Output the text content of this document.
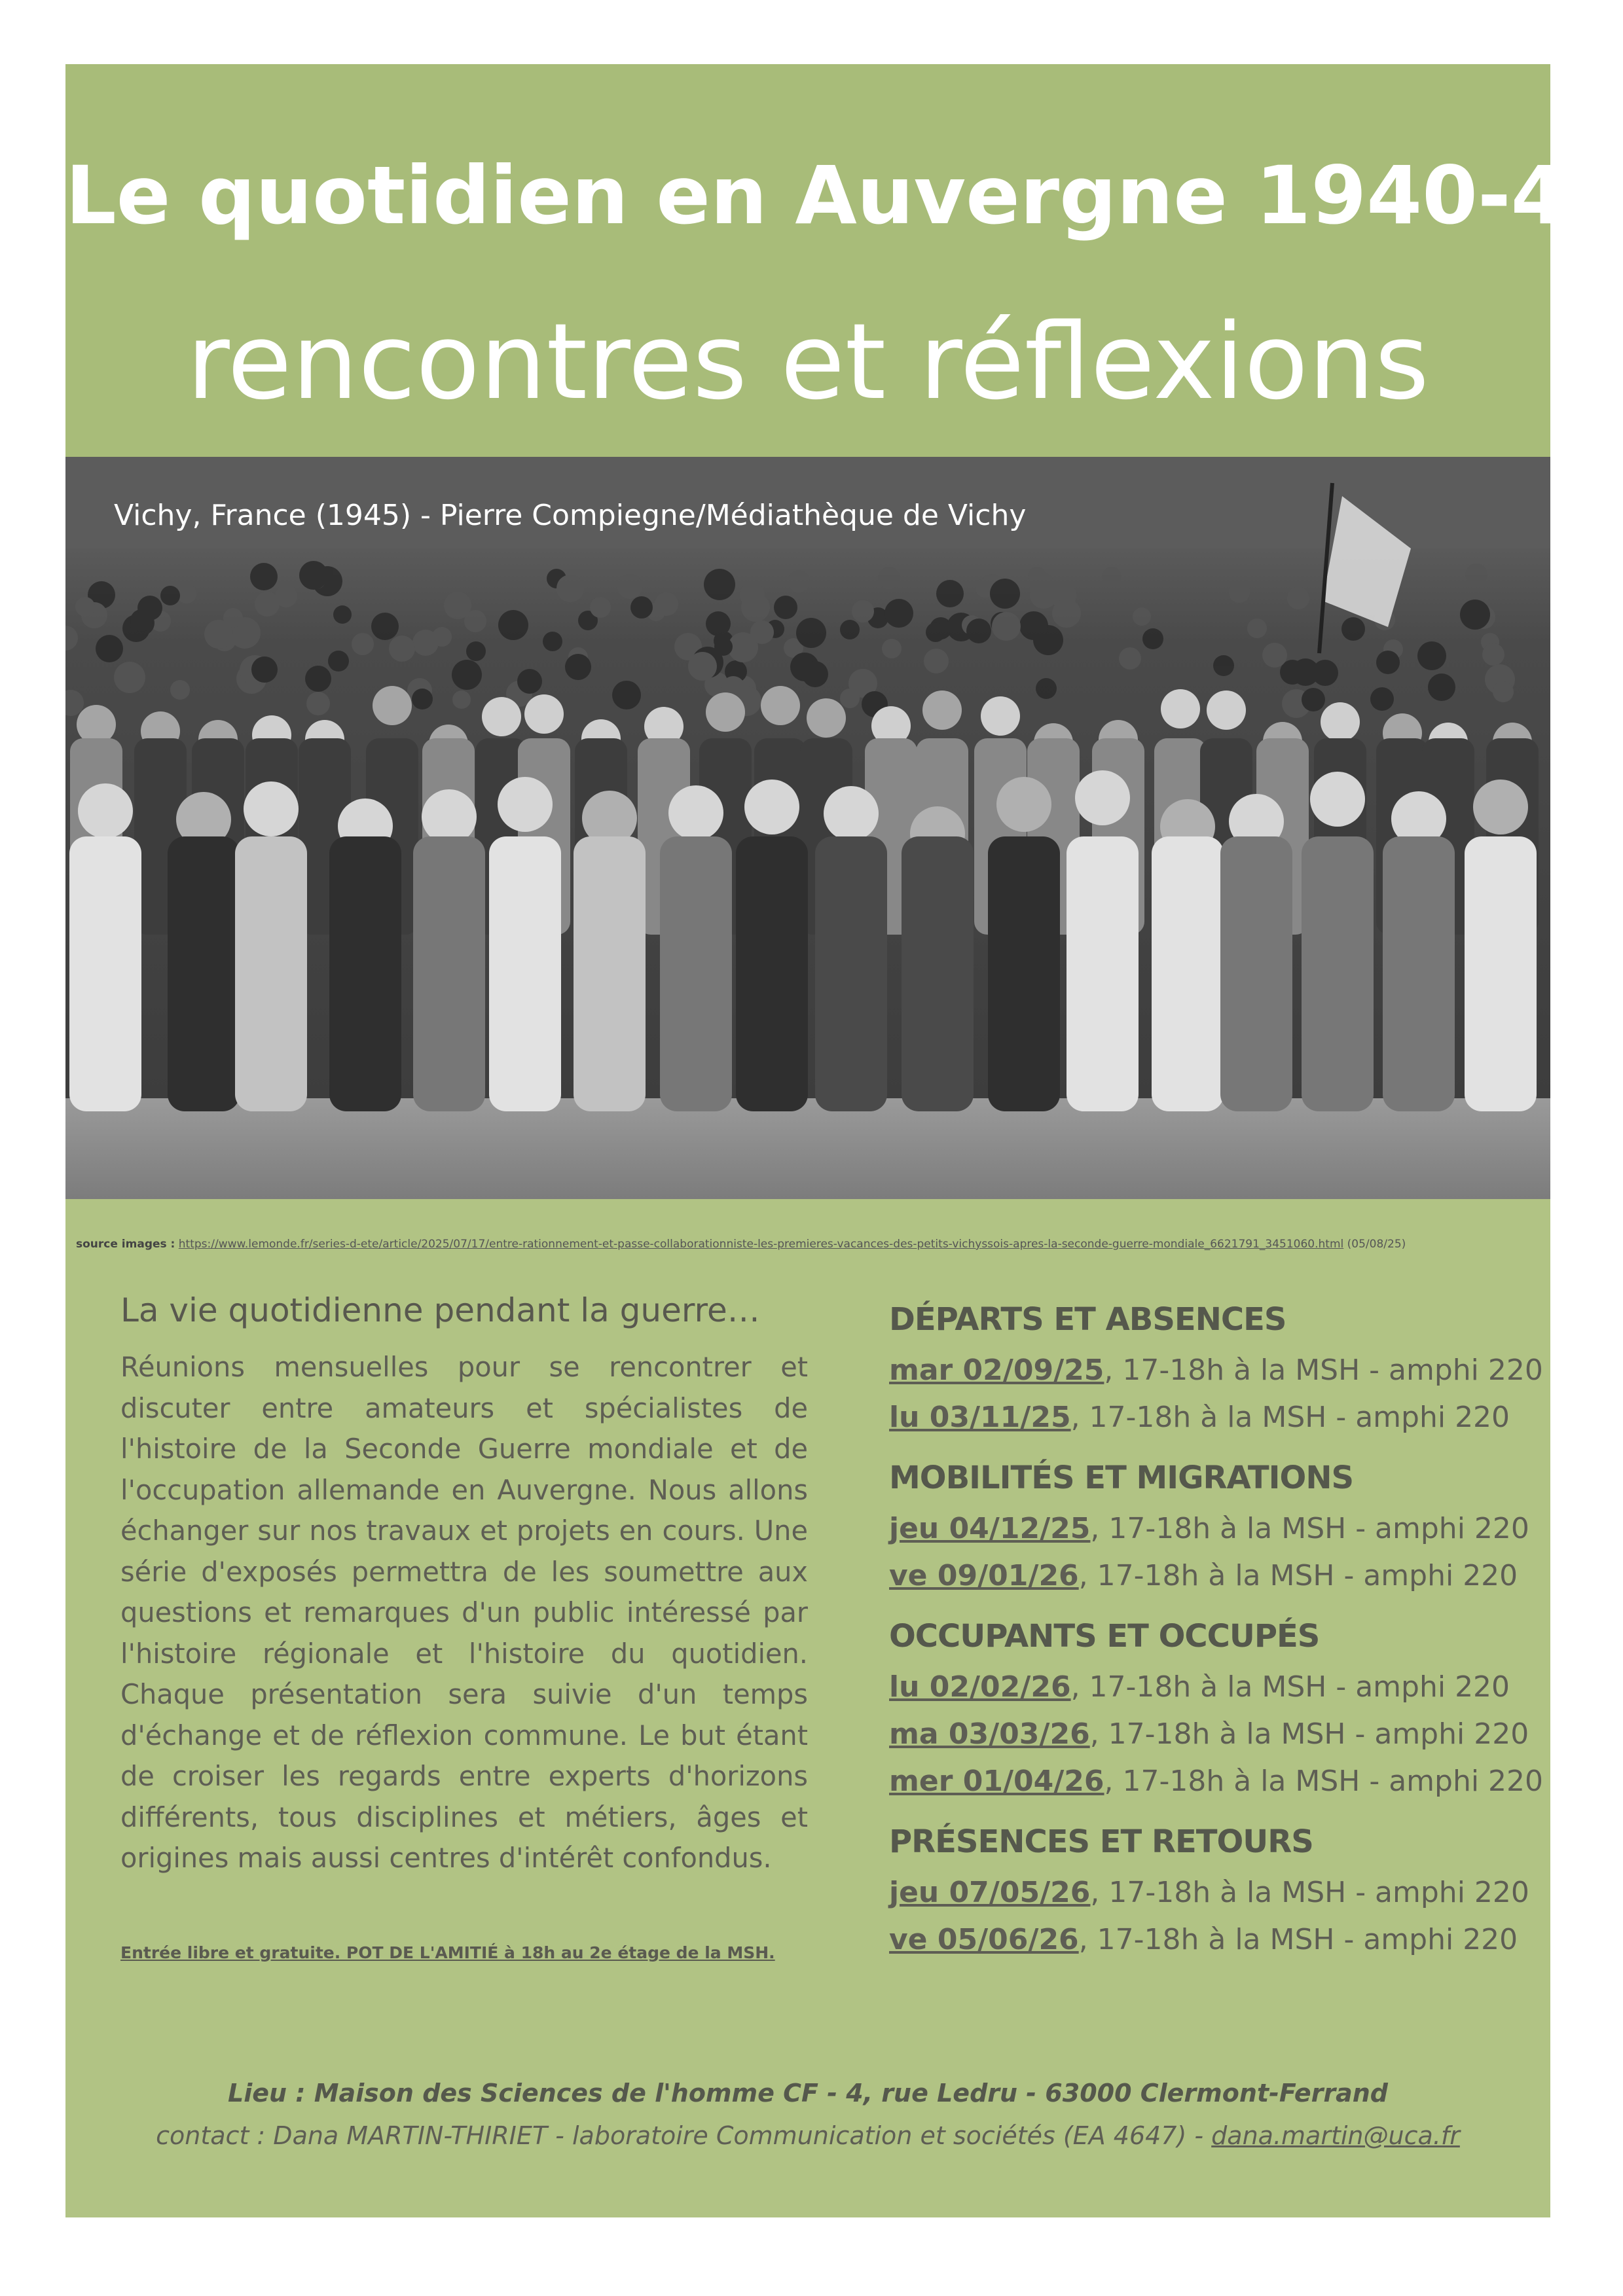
Le quotidien en Auvergne 1940-45
rencontres et réflexions
Vichy, France (1945) - Pierre Compiegne/Médiathèque de Vichy
source images : https://www.lemonde.fr/series-d-ete/article/2025/07/17/entre-rationnement-et-passe-collaborationniste-les-premieres-vacances-des-petits-vichyssois-apres-la-seconde-guerre-mondiale_6621791_3451060.html (05/08/25)
La vie quotidienne pendant la guerre…
Réunions mensuelles pour se rencontrer et discuter entre amateurs et spécialistes de l'histoire de la Seconde Guerre mondiale et de l'occupation allemande en Auvergne. Nous allons échanger sur nos travaux et projets en cours. Une série d'exposés permettra de les soumettre aux questions et remarques d'un public intéressé par l'histoire régionale et l'histoire du quotidien. Chaque présentation sera suivie d'un temps d'échange et de réflexion commune. Le but étant de croiser les regards entre experts d'horizons différents, tous disciplines et métiers, âges et origines mais aussi centres d'intérêt confondus.
Entrée libre et gratuite. POT DE L'AMITIÉ à 18h au 2e étage de la MSH.
DÉPARTS ET ABSENCES
mar 02/09/25, 17-18h à la MSH - amphi 220
lu 03/11/25, 17-18h à la MSH - amphi 220
MOBILITÉS ET MIGRATIONS
jeu 04/12/25, 17-18h à la MSH - amphi 220
ve 09/01/26, 17-18h à la MSH - amphi 220
OCCUPANTS ET OCCUPÉS
lu 02/02/26, 17-18h à la MSH - amphi 220
ma 03/03/26, 17-18h à la MSH - amphi 220
mer 01/04/26, 17-18h à la MSH - amphi 220
PRÉSENCES ET RETOURS
jeu 07/05/26, 17-18h à la MSH - amphi 220
ve 05/06/26, 17-18h à la MSH - amphi 220
Lieu : Maison des Sciences de l'homme CF - 4, rue Ledru - 63000 Clermont-Ferrand
contact : Dana MARTIN-THIRIET - laboratoire Communication et sociétés (EA 4647) - dana.martin@uca.fr
